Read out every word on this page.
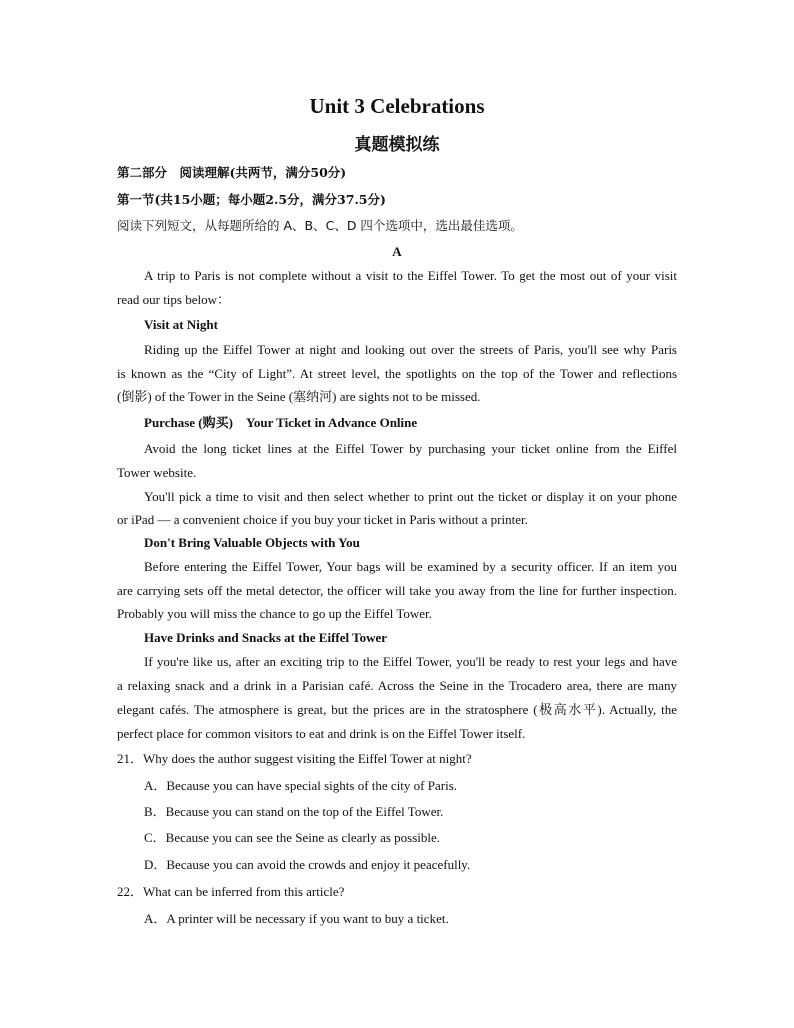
Unit 3 Celebrations
真题模拟练
第二部分　阅读理解(共两节，满分50分)
第一节(共15小题；每小题2.5分，满分37.5分)
阅读下列短文，从每题所给的 A、B、C、D 四个选项中，选出最佳选项。
A
A trip to Paris is not complete without a visit to the Eiffel Tower. To get the most out of your visit
read our tips below：
Visit at Night
Riding up the Eiffel Tower at night and looking out over the streets of Paris, you'll see why Paris
is known as the “City of Light”. At street level, the spotlights on the top of the Tower and reflections
(倒影) of the Tower in the Seine (塞纳河) are sights not to be missed.
Purchase (购买)　Your Ticket in Advance Online
Avoid the long ticket lines at the Eiffel Tower by purchasing your ticket online from the Eiffel
Tower website.
You'll pick a time to visit and then select whether to print out the ticket or display it on your phone
or iPad — a convenient choice if you buy your ticket in Paris without a printer.
Don't Bring Valuable Objects with You
Before entering the Eiffel Tower, Your bags will be examined by a security officer. If an item you
are carrying sets off the metal detector, the officer will take you away from the line for further inspection.
Probably you will miss the chance to go up the Eiffel Tower.
Have Drinks and Snacks at the Eiffel Tower
If you're like us, after an exciting trip to the Eiffel Tower, you'll be ready to rest your legs and have
a relaxing snack and a drink in a Parisian café. Across the Seine in the Trocadero area, there are many
elegant cafés. The atmosphere is great, but the prices are in the stratosphere (极高水平). Actually, the
perfect place for common visitors to eat and drink is on the Eiffel Tower itself.
21．Why does the author suggest visiting the Eiffel Tower at night?
A．Because you can have special sights of the city of Paris.
B．Because you can stand on the top of the Eiffel Tower.
C．Because you can see the Seine as clearly as possible.
D．Because you can avoid the crowds and enjoy it peacefully.
22．What can be inferred from this article?
A．A printer will be necessary if you want to buy a ticket.
